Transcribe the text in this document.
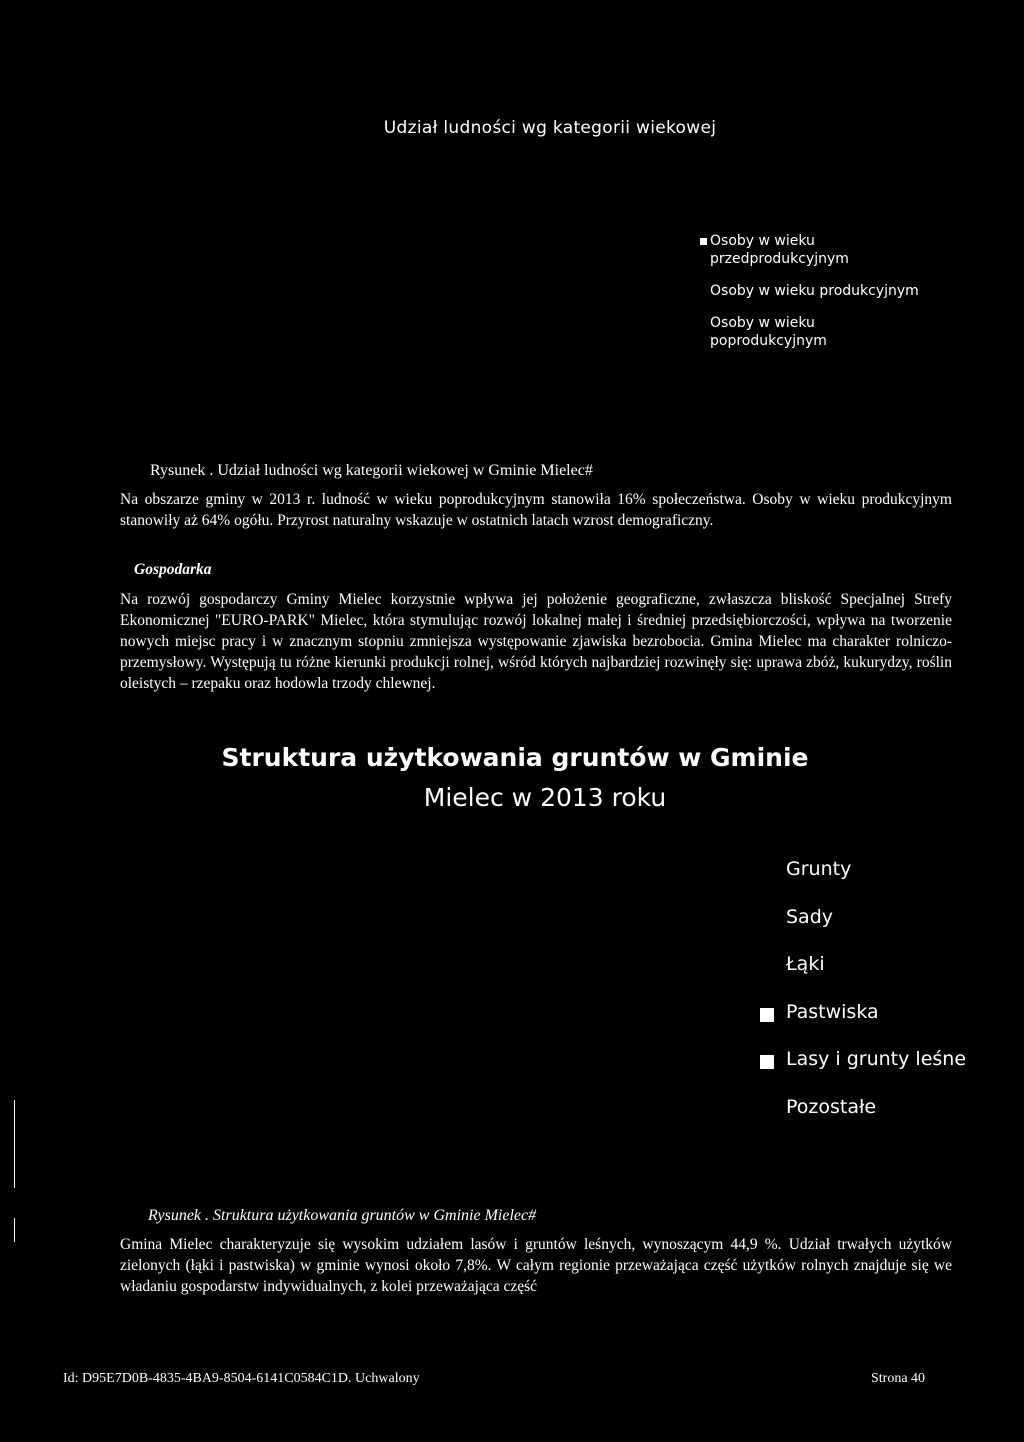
Udział ludności wg kategorii wiekowej
Osoby w wieku przedprodukcyjnym
Osoby w wieku produkcyjnym
Osoby w wieku poprodukcyjnym
Rysunek . Udział ludności wg kategorii wiekowej w Gminie Mielec#
Na obszarze gminy w 2013 r. ludność w wieku poprodukcyjnym stanowiła 16% społeczeństwa. Osoby w wieku produkcyjnym stanowiły aż 64% ogółu. Przyrost naturalny wskazuje w ostatnich latach wzrost demograficzny.
Gospodarka
Na rozwój gospodarczy Gminy Mielec korzystnie wpływa jej położenie geograficzne, zwłaszcza bliskość Specjalnej Strefy Ekonomicznej "EURO-PARK" Mielec, która stymulując rozwój lokalnej małej i średniej przedsiębiorczości, wpływa na tworzenie nowych miejsc pracy i w znacznym stopniu zmniejsza występowanie zjawiska bezrobocia. Gmina Mielec ma charakter rolniczo-przemysłowy. Występują tu różne kierunki produkcji rolnej, wśród których najbardziej rozwinęły się: uprawa zbóż, kukurydzy, roślin oleistych – rzepaku oraz hodowla trzody chlewnej.
Struktura użytkowania gruntów w Gminie
Mielec w 2013 roku
Grunty
Sady
Łąki
Pastwiska
Lasy i grunty leśne
Pozostałe
Rysunek . Struktura użytkowania gruntów w Gminie Mielec#
Gmina Mielec charakteryzuje się wysokim udziałem lasów i gruntów leśnych, wynoszącym 44,9 %. Udział trwałych użytków zielonych (łąki i pastwiska) w gminie wynosi około 7,8%. W całym regionie przeważająca część użytków rolnych znajduje się we władaniu gospodarstw indywidualnych, z kolei przeważająca część
Id: D95E7D0B-4835-4BA9-8504-6141C0584C1D. Uchwalony	Strona 40
